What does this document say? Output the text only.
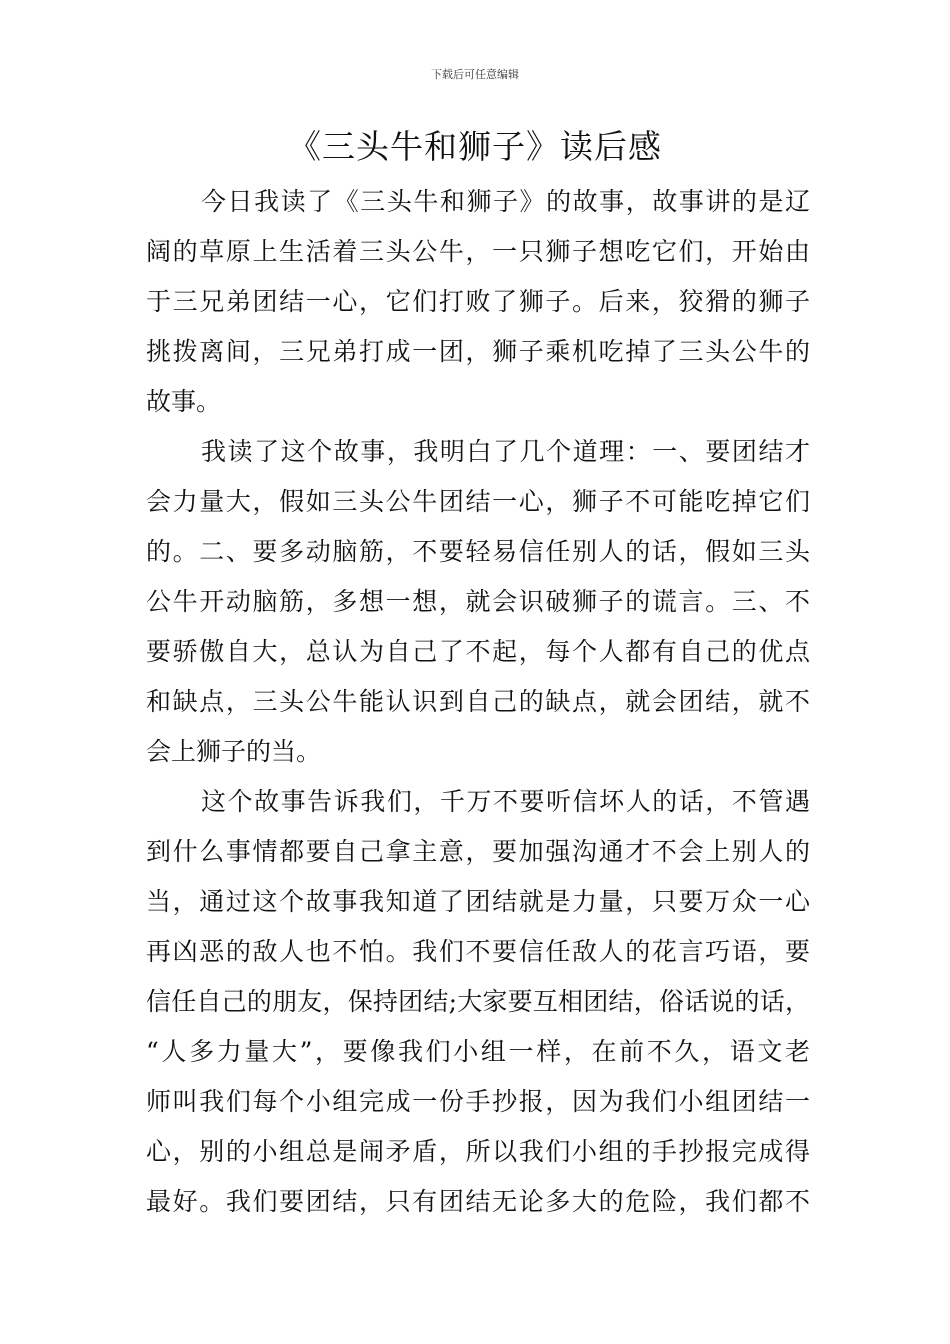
下载后可任意编辑
《三头牛和狮子》读后感
今日我读了《三头牛和狮子》的故事，故事讲的是辽
阔的草原上生活着三头公牛，一只狮子想吃它们，开始由
于三兄弟团结一心，它们打败了狮子。后来，狡猾的狮子
挑拨离间，三兄弟打成一团，狮子乘机吃掉了三头公牛的
故事。
我读了这个故事，我明白了几个道理：一、要团结才
会力量大，假如三头公牛团结一心，狮子不可能吃掉它们
的。二、要多动脑筋，不要轻易信任别人的话，假如三头
公牛开动脑筋，多想一想，就会识破狮子的谎言。三、不
要骄傲自大，总认为自己了不起，每个人都有自己的优点
和缺点，三头公牛能认识到自己的缺点，就会团结，就不
会上狮子的当。
这个故事告诉我们，千万不要听信坏人的话，不管遇
到什么事情都要自己拿主意，要加强沟通才不会上别人的
当，通过这个故事我知道了团结就是力量，只要万众一心
再凶恶的敌人也不怕。我们不要信任敌人的花言巧语，要
信任自己的朋友，保持团结;大家要互相团结，俗话说的话，
“人多力量大”，要像我们小组一样，在前不久，语文老
师叫我们每个小组完成一份手抄报，因为我们小组团结一
心，别的小组总是闹矛盾，所以我们小组的手抄报完成得
最好。我们要团结，只有团结无论多大的危险，我们都不
